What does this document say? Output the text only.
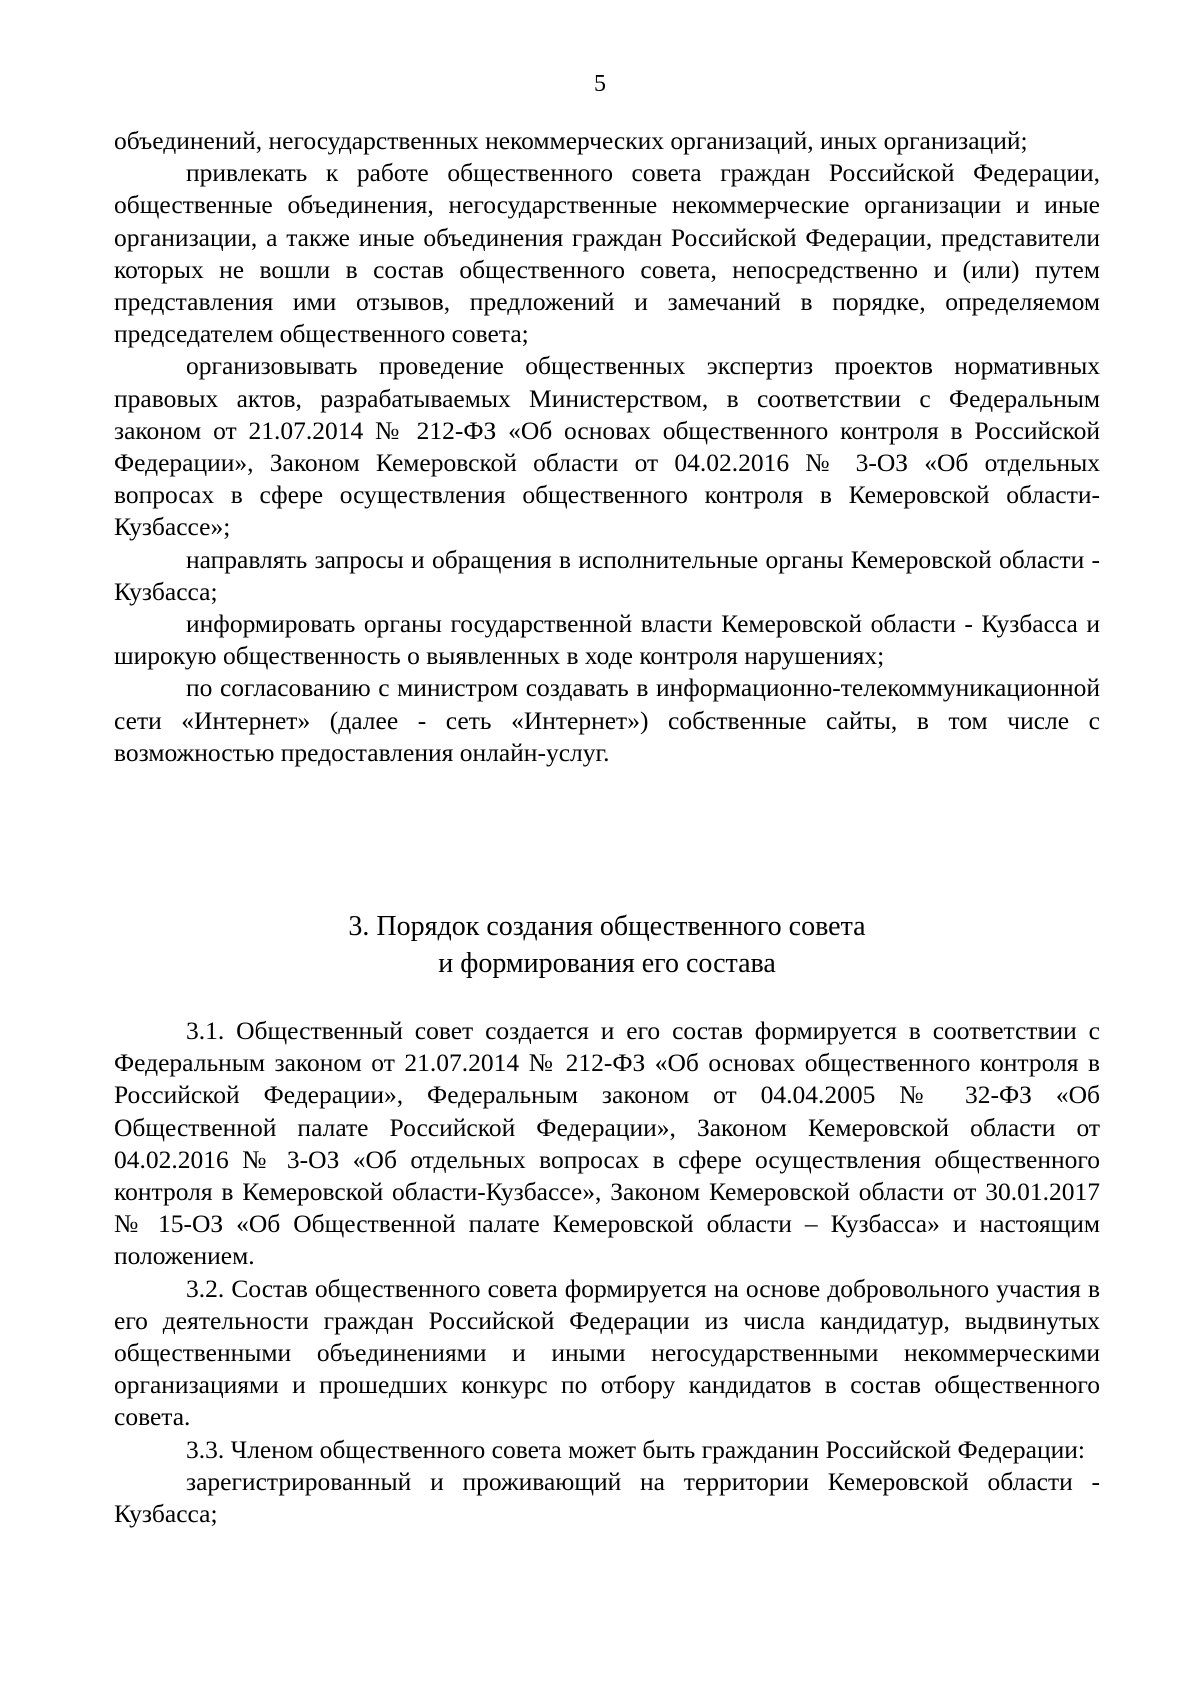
5

объединений, негосударственных некоммерческих организаций, иных организаций;

привлекать к работе общественного совета граждан Российской Федерации, общественные объединения, негосударственные некоммерческие организации и иные организации, а также иные объединения граждан Российской Федерации, представители которых не вошли в состав общественного совета, непосредственно и (или) путем представления ими отзывов, предложений и замечаний в порядке, определяемом председателем общественного совета;

организовывать проведение общественных экспертиз проектов нормативных правовых актов, разрабатываемых Министерством, в соответствии с Федеральным законом от 21.07.2014 № 212-ФЗ «Об основах общественного контроля в Российской Федерации», Законом Кемеровской области от 04.02.2016 № 3-ОЗ «Об отдельных вопросах в сфере осуществления общественного контроля в Кемеровской области-Кузбассе»;

направлять запросы и обращения в исполнительные органы Кемеровской области - Кузбасса;

информировать органы государственной власти Кемеровской области - Кузбасса и широкую общественность о выявленных в ходе контроля нарушениях;

по согласованию с министром создавать в информационно-телекоммуникационной сети «Интернет» (далее - сеть «Интернет») собственные сайты, в том числе с возможностью предоставления онлайн-услуг.

3. Порядок создания общественного совета
и формирования его состава

3.1. Общественный совет создается и его состав формируется в соответствии с Федеральным законом от 21.07.2014 № 212-ФЗ «Об основах общественного контроля в Российской Федерации», Федеральным законом от 04.04.2005 № 32-ФЗ «Об Общественной палате Российской Федерации», Законом Кемеровской области от 04.02.2016 № 3-ОЗ «Об отдельных вопросах в сфере осуществления общественного контроля в Кемеровской области-Кузбассе», Законом Кемеровской области от 30.01.2017 № 15-ОЗ «Об Общественной палате Кемеровской области – Кузбасса» и настоящим положением.

3.2. Состав общественного совета формируется на основе добровольного участия в его деятельности граждан Российской Федерации из числа кандидатур, выдвинутых общественными объединениями и иными негосударственными некоммерческими организациями и прошедших конкурс по отбору кандидатов в состав общественного совета.

3.3. Членом общественного совета может быть гражданин Российской Федерации:

зарегистрированный и проживающий на территории Кемеровской области - Кузбасса;
